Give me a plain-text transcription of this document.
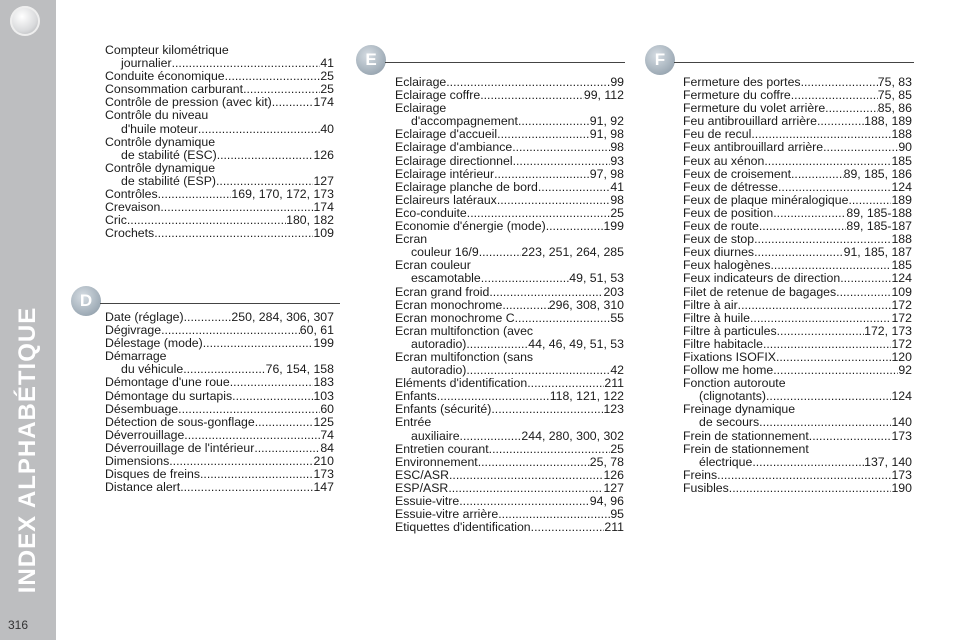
INDEX ALPHABÉTIQUE
316
D
E	F
Compteur kilométrique
journalier .....	41
Conduite économique .....	25
Consommation carburant .....	25
Contrôle de pression (avec kit) .....	174
Contrôle du niveau
d'huile moteur .....	40
Contrôle dynamique
de stabilité (ESC) .....	126
Contrôle dynamique
de stabilité (ESP) .....	127
Contrôles .....	169, 170, 172, 173
Crevaison .....	174
Cric .....	180, 182
Crochets .....	109
Date (réglage) .....	250, 284, 306, 307
Dégivrage .....	60, 61
Délestage (mode) .....	199
Démarrage
du véhicule .....	76, 154, 158
Démontage d'une roue .....	183
Démontage du surtapis .....	103
Désembuage .....	60
Détection de sous-gonflage .....	125
Déverrouillage .....	74
Déverrouillage de l'intérieur .....	84
Dimensions .....	210
Disques de freins .....	173
Distance alert .....	147
Eclairage .....	99
Eclairage coffre .....	99, 112
Eclairage
d'accompagnement .....	91, 92
Eclairage d'accueil .....	91, 98
Eclairage d'ambiance .....	98
Eclairage directionnel .....	93
Eclairage intérieur .....	97, 98
Eclairage planche de bord .....	41
Eclaireurs latéraux .....	98
Eco-conduite .....	25
Economie d'énergie (mode) .....	199
Ecran
couleur 16/9 .....	223, 251, 264, 285
Ecran couleur
escamotable .....	49, 51, 53
Ecran grand froid .....	203
Ecran monochrome .....	296, 308, 310
Ecran monochrome C .....	55
Ecran multifonction (avec
autoradio) .....	44, 46, 49, 51, 53
Ecran multifonction (sans
autoradio) .....	42
Eléments d'identification .....	211
Enfants .....	118, 121, 122
Enfants (sécurité) .....	123
Entrée
auxiliaire .....	244, 280, 300, 302
Entretien courant .....	25
Environnement .....	25, 78
ESC/ASR .....	126
ESP/ASR .....	127
Essuie-vitre .....	94, 96
Essuie-vitre arrière .....	95
Etiquettes d'identification .....	211
Fermeture des portes .....	75, 83
Fermeture du coffre .....	75, 85
Fermeture du volet arrière .....	85, 86
Feu antibrouillard arrière .....	188, 189
Feu de recul .....	188
Feux antibrouillard arrière .....	90
Feux au xénon .....	185
Feux de croisement .....	89, 185, 186
Feux de détresse .....	124
Feux de plaque minéralogique .....	189
Feux de position .....	89, 185-188
Feux de route .....	89, 185-187
Feux de stop .....	188
Feux diurnes .....	91, 185, 187
Feux halogènes .....	185
Feux indicateurs de direction .....	124
Filet de retenue de bagages .....	109
Filtre à air .....	172
Filtre à huile .....	172
Filtre à particules .....	172, 173
Filtre habitacle .....	172
Fixations ISOFIX .....	120
Follow me home .....	92
Fonction autoroute
(clignotants) .....	124
Freinage dynamique
de secours .....	140
Frein de stationnement .....	173
Frein de stationnement
électrique .....	137, 140
Freins .....	173
Fusibles .....	190
